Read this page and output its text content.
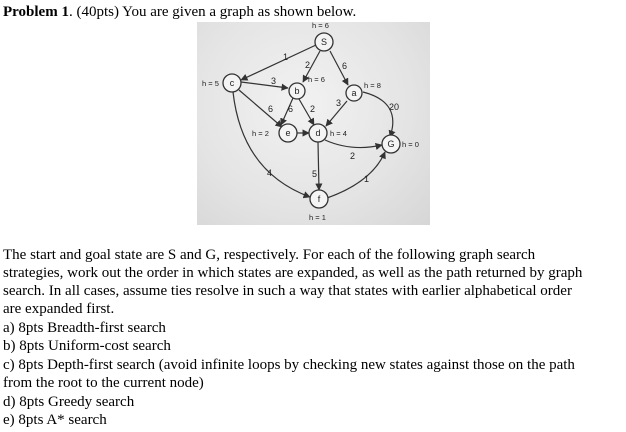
Problem 1. (40pts) You are given a graph as shown below.
1
2	6
3
3	20
6 6 2
4	5
2
1
S
c
b	a
e	d
G
f
h = 6
h = 5	h = 6
h = 8
h = 2	h = 4
h = 0
h = 1
The start and goal state are S and G, respectively. For each of the following graph search
strategies, work out the order in which states are expanded, as well as the path returned by graph
search. In all cases, assume ties resolve in such a way that states with earlier alphabetical order
are expanded first.
a) 8pts Breadth-first search
b) 8pts Uniform-cost search
c) 8pts Depth-first search (avoid infinite loops by checking new states against those on the path
from the root to the current node)
d) 8pts Greedy search
e) 8pts A* search
